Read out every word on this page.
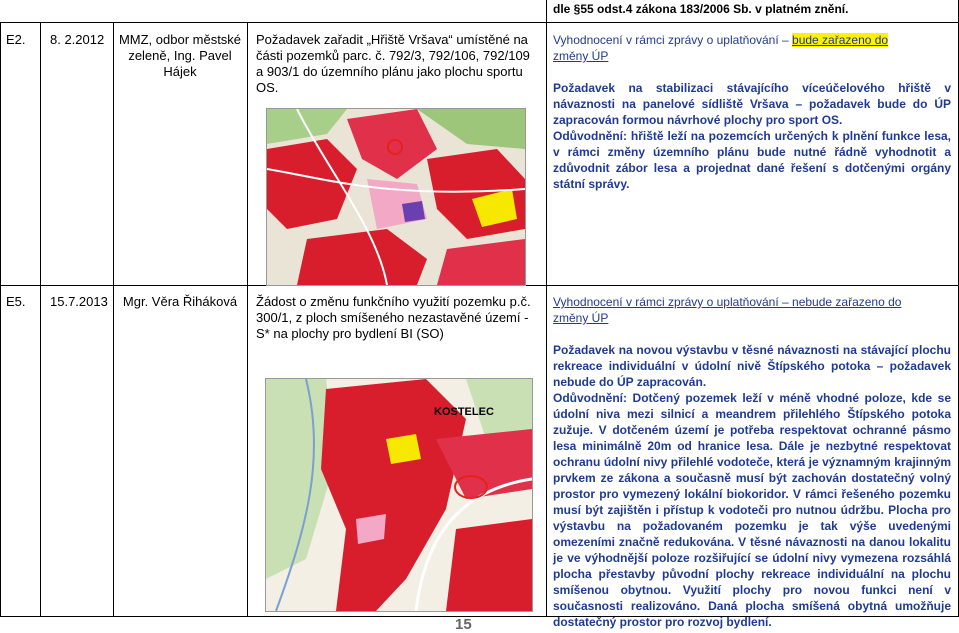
dle §55 odst.4 zákona 183/2006 Sb. v platném znění.
E2. 8. 2.2012 MMZ, odbor městské zeleně, Ing. Pavel Hájek
Požadavek zařadit „Hřiště Vršava“ umístěné na části pozemků parc. č. 792/3, 792/106, 792/109 a 903/1 do územního plánu jako plochu sportu OS.

Vyhodnocení v rámci zprávy o uplatňování – bude zařazeno do
změny ÚP

Požadavek na stabilizaci stávajícího víceúčelového hřiště v návaznosti na panelové sídliště Vršava – požadavek bude do ÚP zapracován formou návrhové plochy pro sport OS.

Odůvodnění: hřiště leží na pozemcích určených k plnění funkce lesa, v rámci změny územního plánu bude nutné řádně vyhodnotit a zdůvodnit zábor lesa a projednat dané řešení s dotčenými orgány státní správy.

E5. 15.7.2013	Mgr. Věra Řiháková	Žádost o změnu funkčního využití pozemku p.č. 300/1, z ploch smíšeného nezastavěné území - S* na plochy pro bydlení BI (SO)
KOSTELEC

Vyhodnocení v rámci zprávy o uplatňování – nebude zařazeno do

změny ÚP

Požadavek na novou výstavbu v těsné návaznosti na stávající plochu rekreace individuální v údolní nivě Štípského potoka – požadavek nebude do ÚP zapracován.

Odůvodnění: Dotčený pozemek leží v méně vhodné poloze, kde se údolní niva mezi silnicí a meandrem přilehlého Štípského potoka zužuje. V dotčeném území je potřeba respektovat ochranné pásmo lesa minimálně 20m od hranice lesa. Dále je nezbytné respektovat ochranu údolní nivy přilehlé vodoteče, která je významným krajinným prvkem ze zákona a současně musí být zachován dostatečný volný prostor pro vymezený lokální biokoridor. V rámci řešeného pozemku musí být zajištěn i přístup k vodoteči pro nutnou údržbu. Plocha pro výstavbu na požadovaném pozemku je tak výše uvedenými omezeními značně redukována. V těsné návaznosti na danou lokalitu je ve výhodnější poloze rozšiřující se údolní nivy vymezena rozsáhlá plocha přestavby původní plochy rekreace individuální na plochu smíšenou obytnou. Využití plochy pro novou funkci není v současnosti realizováno. Daná plocha smíšená obytná umožňuje dostatečný prostor pro rozvoj bydlení.

15
